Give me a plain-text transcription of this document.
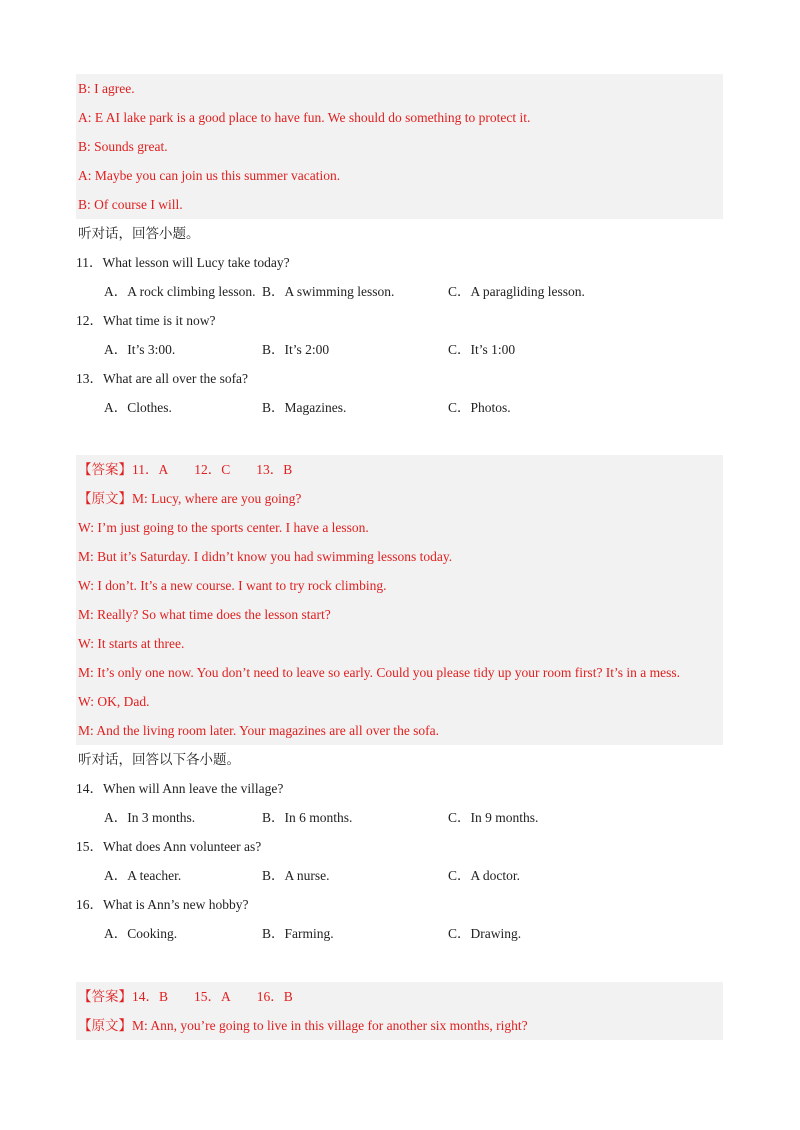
B: I agree.
A: E AI lake park is a good place to have fun. We should do something to protect it.
B: Sounds great.
A: Maybe you can join us this summer vacation.
B: Of course I will.
听对话，回答小题。
11．What lesson will Lucy take today?
A．A rock climbing lesson. B．A swimming lesson.	C．A paragliding lesson.
12．What time is it now?
A．It’s 3:00.	B．It’s 2:00	C．It’s 1:00
13．What are all over the sofa?
A．Clothes.	B．Magazines.	C．Photos.
【答案】11．A 12．C 13．B
【原文】M: Lucy, where are you going?
W: I’m just going to the sports center. I have a lesson.
M: But it’s Saturday. I didn’t know you had swimming lessons today.
W: I don’t. It’s a new course. I want to try rock climbing.
M: Really? So what time does the lesson start?
W: It starts at three.
M: It’s only one now. You don’t need to leave so early. Could you please tidy up your room first? It’s in a mess.
W: OK, Dad.
M: And the living room later. Your magazines are all over the sofa.
听对话，回答以下各小题。
14．When will Ann leave the village?
A．In 3 months.	B．In 6 months.	C．In 9 months.
15．What does Ann volunteer as?
A．A teacher.	B．A nurse.	C．A doctor.
16．What is Ann’s new hobby?
A．Cooking.	B．Farming.	C．Drawing.
【答案】14．B 15．A 16．B
【原文】M: Ann, you’re going to live in this village for another six months, right?
